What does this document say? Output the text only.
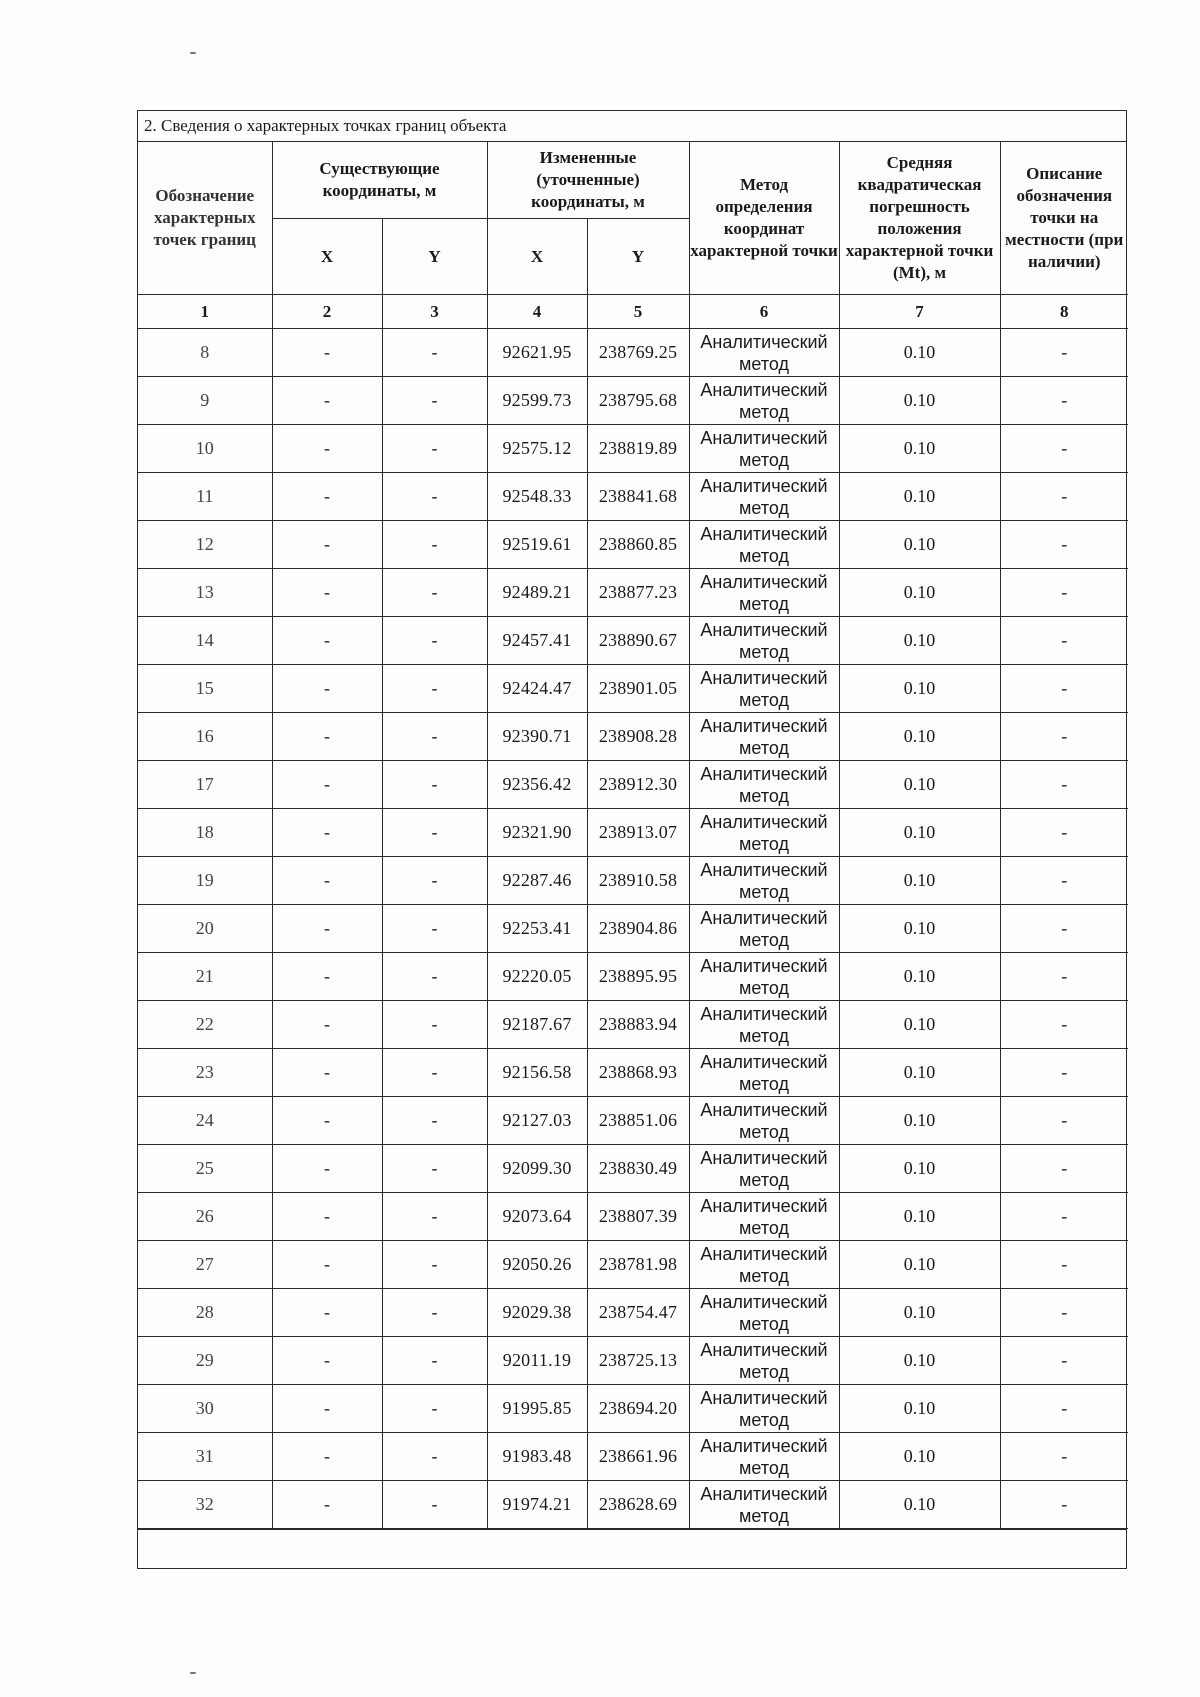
2. Сведения о характерных точках границ объекта
Обозначение характерных точек границ	Существующие координаты, м		Измененные (уточненные) координаты, м		Метод определения координат характерной точки	Средняя квадратическая погрешность положения характерной точки (Mt), м	Описание обозначения точки на местности (при наличии)
	X	Y	X	Y			
1	2	3	4	5	6	7	8
8	-	-	92621.95	238769.25	Аналитический метод	0.10	-
9	-	-	92599.73	238795.68	Аналитический метод	0.10	-
10	-	-	92575.12	238819.89	Аналитический метод	0.10	-
11	-	-	92548.33	238841.68	Аналитический метод	0.10	-
12	-	-	92519.61	238860.85	Аналитический метод	0.10	-
13	-	-	92489.21	238877.23	Аналитический метод	0.10	-
14	-	-	92457.41	238890.67	Аналитический метод	0.10	-
15	-	-	92424.47	238901.05	Аналитический метод	0.10	-
16	-	-	92390.71	238908.28	Аналитический метод	0.10	-
17	-	-	92356.42	238912.30	Аналитический метод	0.10	-
18	-	-	92321.90	238913.07	Аналитический метод	0.10	-
19	-	-	92287.46	238910.58	Аналитический метод	0.10	-
20	-	-	92253.41	238904.86	Аналитический метод	0.10	-
21	-	-	92220.05	238895.95	Аналитический метод	0.10	-
22	-	-	92187.67	238883.94	Аналитический метод	0.10	-
23	-	-	92156.58	238868.93	Аналитический метод	0.10	-
24	-	-	92127.03	238851.06	Аналитический метод	0.10	-
25	-	-	92099.30	238830.49	Аналитический метод	0.10	-
26	-	-	92073.64	238807.39	Аналитический метод	0.10	-
27	-	-	92050.26	238781.98	Аналитический метод	0.10	-
28	-	-	92029.38	238754.47	Аналитический метод	0.10	-
29	-	-	92011.19	238725.13	Аналитический метод	0.10	-
30	-	-	91995.85	238694.20	Аналитический метод	0.10	-
31	-	-	91983.48	238661.96	Аналитический метод	0.10	-
32	-	-	91974.21	238628.69	Аналитический метод	0.10	-
